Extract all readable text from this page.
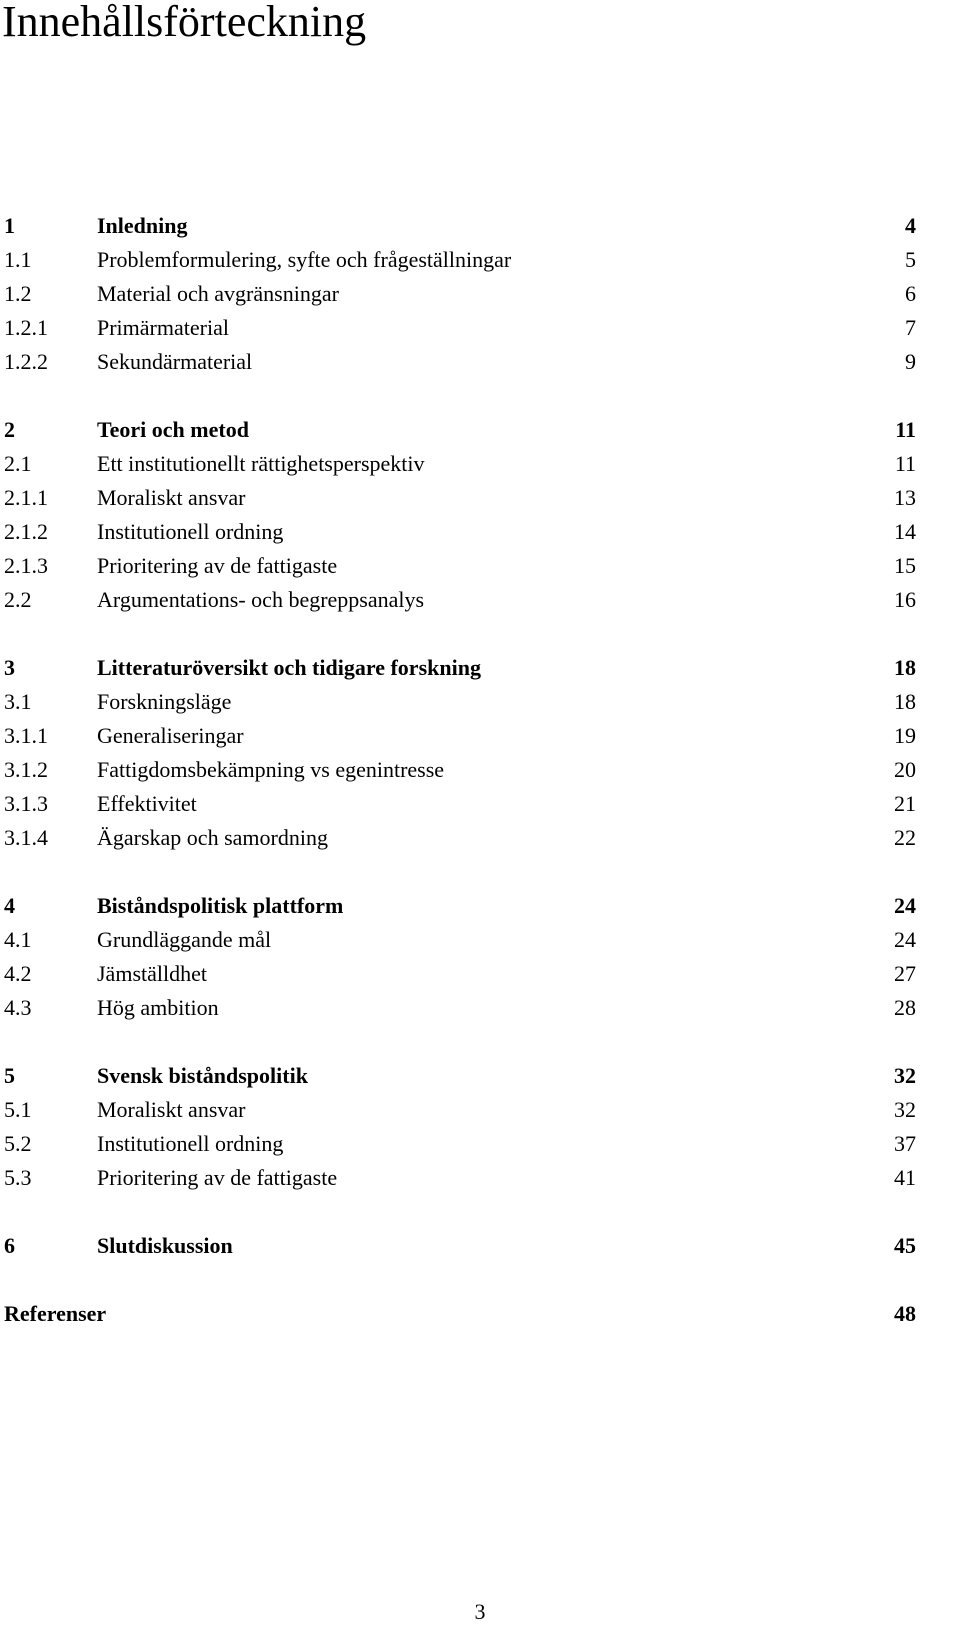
Innehållsförteckning
1	Inledning	4
1.1	Problemformulering, syfte och frågeställningar	5
1.2	Material och avgränsningar	6
1.2.1 Primärmaterial	7
1.2.2 Sekundärmaterial	9
2	Teori och metod	11
2.1	Ett institutionellt rättighetsperspektiv	11
2.1.1 Moraliskt ansvar	13
2.1.2 Institutionell ordning	14
2.1.3 Prioritering av de fattigaste	15
2.2	Argumentations- och begreppsanalys	16
3	Litteraturöversikt och tidigare forskning	18
3.1	Forskningsläge	18
3.1.1 Generaliseringar	19
3.1.2 Fattigdomsbekämpning vs egenintresse	20
3.1.3 Effektivitet	21
3.1.4 Ägarskap och samordning	22
4	Biståndspolitisk plattform	24
4.1	Grundläggande mål	24
4.2	Jämställdhet	27
4.3	Hög ambition	28
5	Svensk biståndspolitik	32
5.1	Moraliskt ansvar	32
5.2	Institutionell ordning	37
5.3	Prioritering av de fattigaste	41
6	Slutdiskussion	45
Referenser	48
3
